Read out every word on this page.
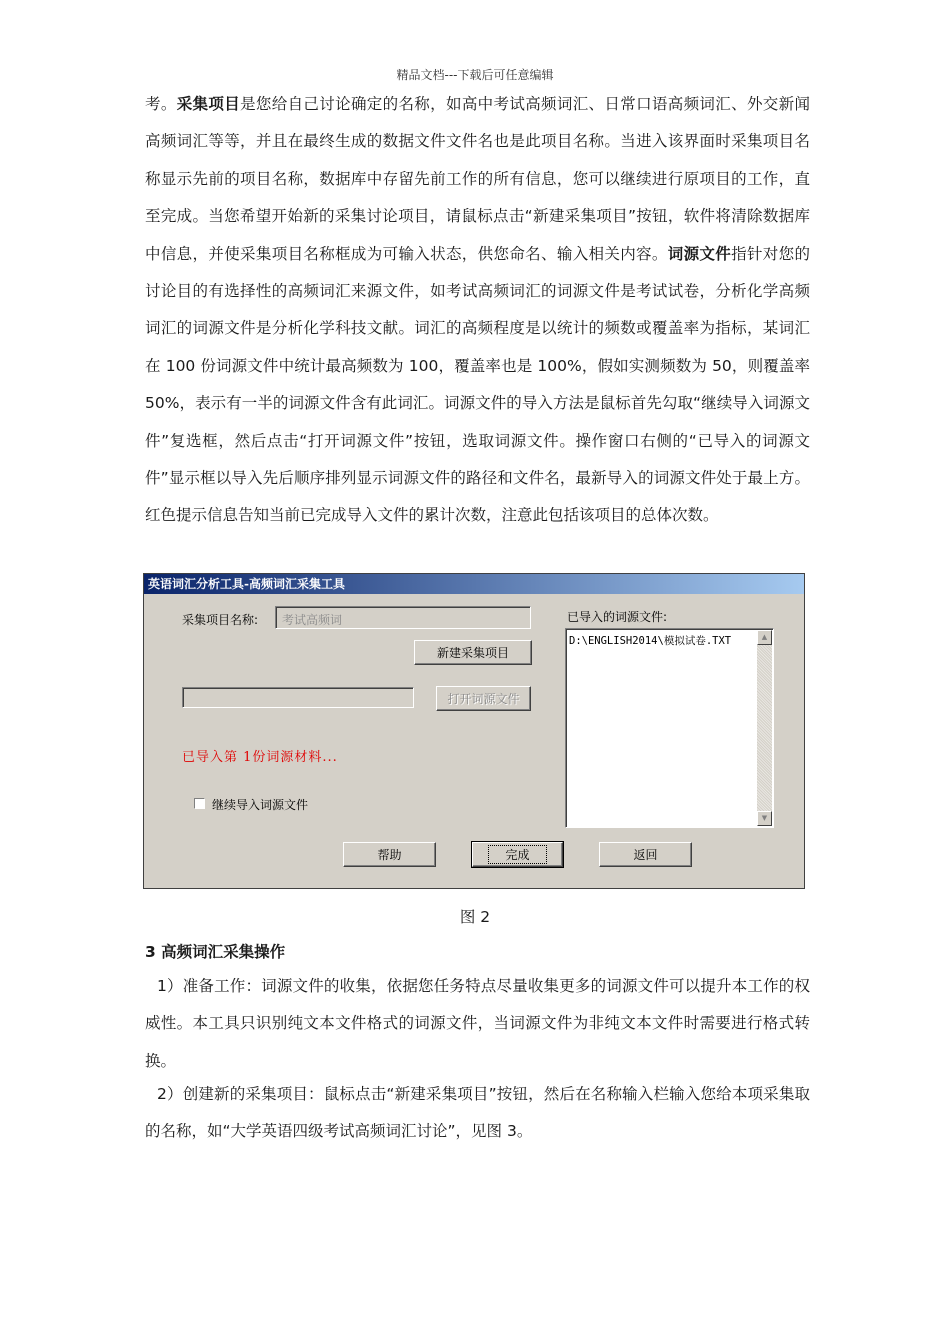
精品文档---下载后可任意编辑

考。采集项目是您给自己讨论确定的名称，如高中考试高频词汇、日常口语高频词汇、外交新闻高频词汇等等，并且在最终生成的数据文件文件名也是此项目名称。当进入该界面时采集项目名称显示先前的项目名称，数据库中存留先前工作的所有信息，您可以继续进行原项目的工作，直至完成。当您希望开始新的采集讨论项目，请鼠标点击“新建采集项目”按钮，软件将清除数据库中信息，并使采集项目名称框成为可输入状态，供您命名、输入相关内容。词源文件指针对您的讨论目的有选择性的高频词汇来源文件，如考试高频词汇的词源文件是考试试卷，分析化学高频词汇的词源文件是分析化学科技文献。词汇的高频程度是以统计的频数或覆盖率为指标，某词汇在 100 份词源文件中统计最高频数为 100，覆盖率也是 100%，假如实测频数为 50，则覆盖率 50%，表示有一半的词源文件含有此词汇。词源文件的导入方法是鼠标首先勾取“继续导入词源文件”复选框，然后点击“打开词源文件”按钮，选取词源文件。操作窗口右侧的“已导入的词源文件”显示框以导入先后顺序排列显示词源文件的路径和文件名，最新导入的词源文件处于最上方。红色提示信息告知当前已完成导入文件的累计次数，注意此包括该项目的总体次数。

英语词汇分析工具-高频词汇采集工具
采集项目名称:	考试高频词
新建采集项目
打开词源文件
已导入第 1份词源材料...
继续导入词源文件
已导入的词源文件:
D:\ENGLISH2014\模拟试卷.TXT	▲
▼
帮助	完成	返回
图 2
3 高频词汇采集操作

1）准备工作：词源文件的收集，依据您任务特点尽量收集更多的词源文件可以提升本工作的权威性。本工具只识别纯文本文件格式的词源文件，当词源文件为非纯文本文件时需要进行格式转换。

2）创建新的采集项目：鼠标点击“新建采集项目”按钮，然后在名称输入栏输入您给本项采集取的名称，如“大学英语四级考试高频词汇讨论”，见图 3。
